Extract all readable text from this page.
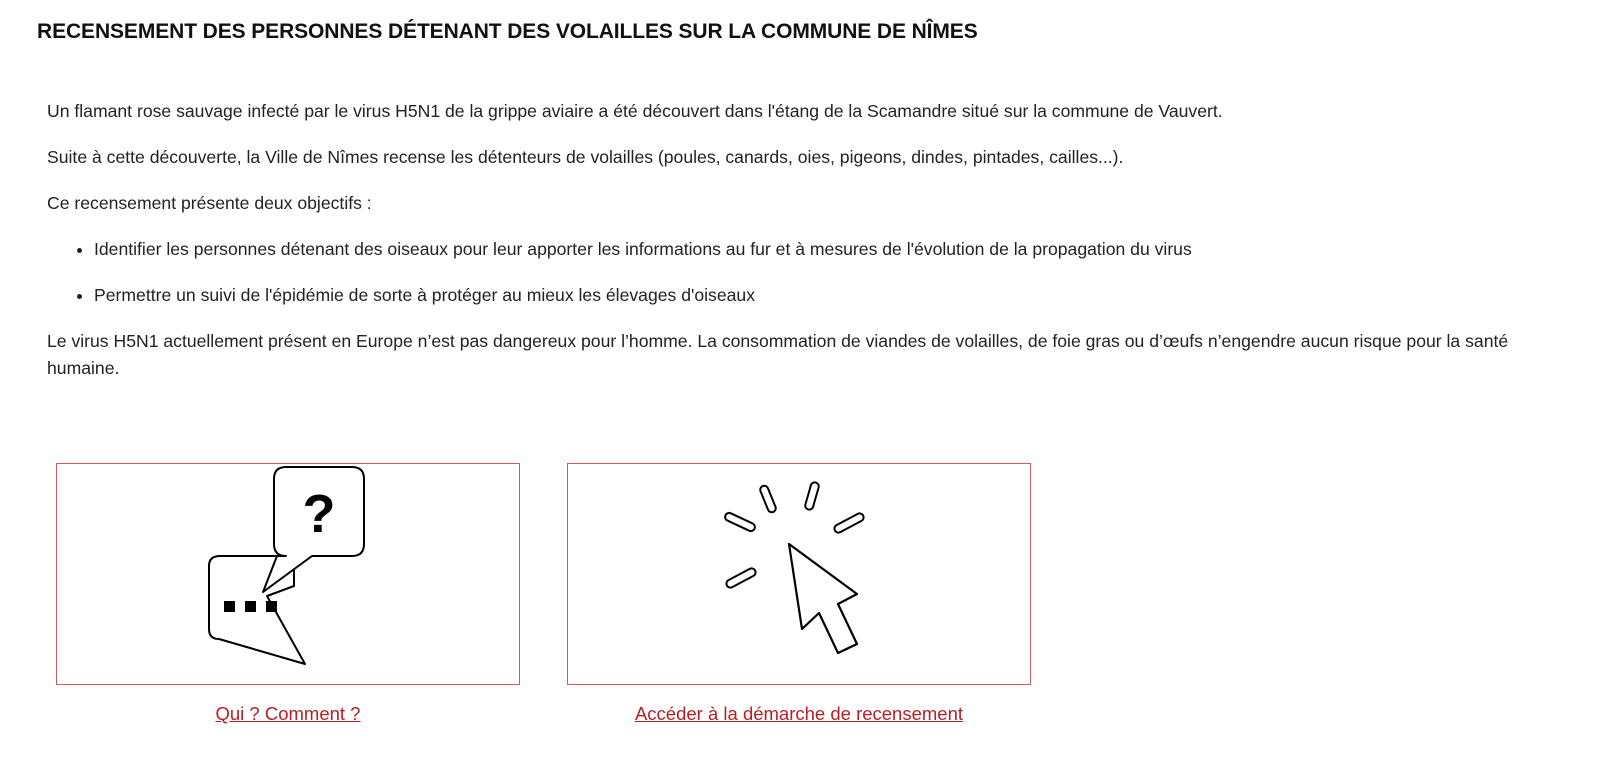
RECENSEMENT DES PERSONNES DÉTENANT DES VOLAILLES SUR LA COMMUNE DE NÎMES

Un flamant rose sauvage infecté par le virus H5N1 de la grippe aviaire a été découvert dans l'étang de la Scamandre situé sur la commune de Vauvert.

Suite à cette découverte, la Ville de Nîmes recense les détenteurs de volailles (poules, canards, oies, pigeons, dindes, pintades, cailles...).

Ce recensement présente deux objectifs :

• Identifier les personnes détenant des oiseaux pour leur apporter les informations au fur et à mesures de l'évolution de la propagation du virus
• Permettre un suivi de l'épidémie de sorte à protéger au mieux les élevages d'oiseaux

Le virus H5N1 actuellement présent en Europe n’est pas dangereux pour l’homme. La consommation de viandes de volailles, de foie gras ou d’œufs n’engendre aucun risque pour la santé humaine.

?
Qui ? Comment ?	Accéder à la démarche de recensement
